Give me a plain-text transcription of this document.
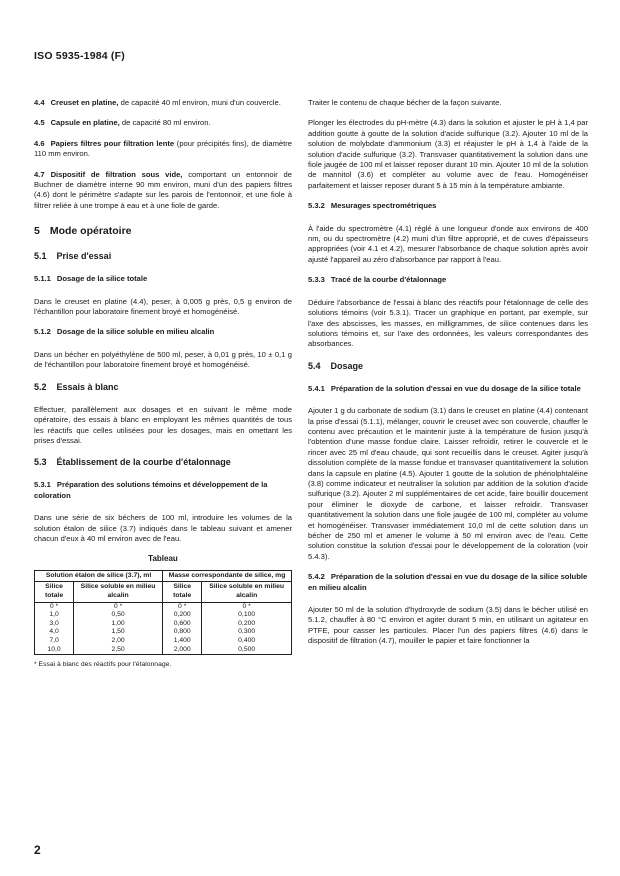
ISO 5935-1984 (F)

4.4 Creuset en platine, de capacité 40 ml environ, muni d'un couvercle.

4.5 Capsule en platine, de capacité 80 ml environ.

4.6 Papiers filtres pour filtration lente (pour précipités fins), de diamètre 110 mm environ.

4.7 Dispositif de filtration sous vide, comportant un entonnoir de Buchner de diamètre interne 90 mm environ, muni d'un des papiers filtres (4.6) dont le périmètre s'adapte sur les parois de l'entonnoir, et une fiole à filtrer reliée à une trompe à eau et à une fiole de garde.

5 Mode opératoire
5.1 Prise d'essai
5.1.1 Dosage de la silice totale

Dans le creuset en platine (4.4), peser, à 0,005 g près, 0,5 g environ de l'échantillon pour laboratoire finement broyé et homogénéisé.

5.1.2 Dosage de la silice soluble en milieu alcalin

Dans un bécher en polyéthylène de 500 ml, peser, à 0,01 g près, 10 ± 0,1 g de l'échantillon pour laboratoire finement broyé et homogénéisé.

5.2 Essais à blanc

Effectuer, parallèlement aux dosages et en suivant le même mode opératoire, des essais à blanc en employant les mêmes quantités de tous les réactifs que celles utilisées pour les dosages, mais en omettant les prises d'essai.

5.3 Établissement de la courbe d'étalonnage
5.3.1 Préparation des solutions témoins et développement de la coloration

Dans une série de six béchers de 100 ml, introduire les volumes de la solution étalon de silice (3.7) indiqués dans le tableau suivant et amener chacun d'eux à 40 ml environ avec de l'eau.

Tableau
Solution étalon de silice (3.7), ml		Masse correspondante de silice, mg	
Silice totale	Silice soluble en milieu alcalin	Silice totale	Silice soluble en milieu alcalin
0 *	0 *	0 *	0 *
1,0	0,50	0,200	0,100
3,0	1,00	0,600	0,200
4,0	1,50	0,800	0,300
7,0	2,00	1,400	0,400
10,0	2,50	2,000	0,500
* Essai à blanc des réactifs pour l'étalonnage.

Traiter le contenu de chaque bécher de la façon suivante.

Plonger les électrodes du pH-mètre (4.3) dans la solution et ajuster le pH à 1,4 par addition goutte à goutte de la solution d'acide sulfurique (3.2). Ajouter 10 ml de la solution de molybdate d'ammonium (3.3) et réajuster le pH à 1,4 à l'aide de la solution d'acide sulfurique (3.2). Transvaser quantitativement la solution dans une fiole jaugée de 100 ml et laisser reposer durant 10 min. Ajouter 10 ml de la solution de mannitol (3.6) et compléter au volume avec de l'eau. Homogénéiser parfaitement et laisser reposer durant 5 à 15 min à la température ambiante.

5.3.2 Mesurages spectrométriques

À l'aide du spectromètre (4.1) réglé à une longueur d'onde aux environs de 400 nm, ou du spectromètre (4.2) muni d'un filtre approprié, et de cuves d'épaisseurs appropriées (voir 4.1 et 4.2), mesurer l'absorbance de chaque solution après avoir ajusté l'appareil au zéro d'absorbance par rapport à l'eau.

5.3.3 Tracé de la courbe d'étalonnage

Déduire l'absorbance de l'essai à blanc des réactifs pour l'étalonnage de celle des solutions témoins (voir 5.3.1). Tracer un graphique en portant, par exemple, sur l'axe des abscisses, les masses, en milligrammes, de silice contenues dans les solutions témoins et, sur l'axe des ordonnées, les valeurs correspondantes des absorbances.

5.4 Dosage
5.4.1 Préparation de la solution d'essai en vue du dosage de la silice totale

Ajouter 1 g du carbonate de sodium (3.1) dans le creuset en platine (4.4) contenant la prise d'essai (5.1.1), mélanger, couvrir le creuset avec son couvercle, chauffer le contenu avec précaution et le maintenir juste à la température de fusion jusqu'à l'obtention d'une masse fondue claire. Laisser refroidir, retirer le couvercle et le rincer avec 25 ml d'eau chaude, qui sont recueillis dans le creuset. Agiter jusqu'à dissolution complète de la masse fondue et transvaser quantitativement la solution dans la capsule en platine (4.5). Ajouter 1 goutte de la solution de phénolphtaléine (3.8) comme indicateur et neutraliser la solution par addition de la solution d'acide sulfurique (3.2). Ajouter 2 ml supplémentaires de cet acide, faire bouillir doucement pour éliminer le dioxyde de carbone, et laisser refroidir. Transvaser quantitativement la solution dans une fiole jaugée de 100 ml, compléter au volume et homogénéiser. Transvaser immédiatement 10,0 ml de cette solution dans un bécher de 250 ml et amener le volume à 50 ml environ avec de l'eau. Cette solution constitue la solution d'essai pour le développement de la coloration (voir 5.4.3).

5.4.2 Préparation de la solution d'essai en vue du dosage de la silice soluble en milieu alcalin

Ajouter 50 ml de la solution d'hydroxyde de sodium (3.5) dans le bécher utilisé en 5.1.2, chauffer à 80 °C environ et agiter durant 5 min, en utilisant un agitateur en PTFE, pour casser les particules. Placer l'un des papiers filtres (4.6) dans le dispositif de filtration (4.7), mouiller le papier et faire fonctionner la

2
